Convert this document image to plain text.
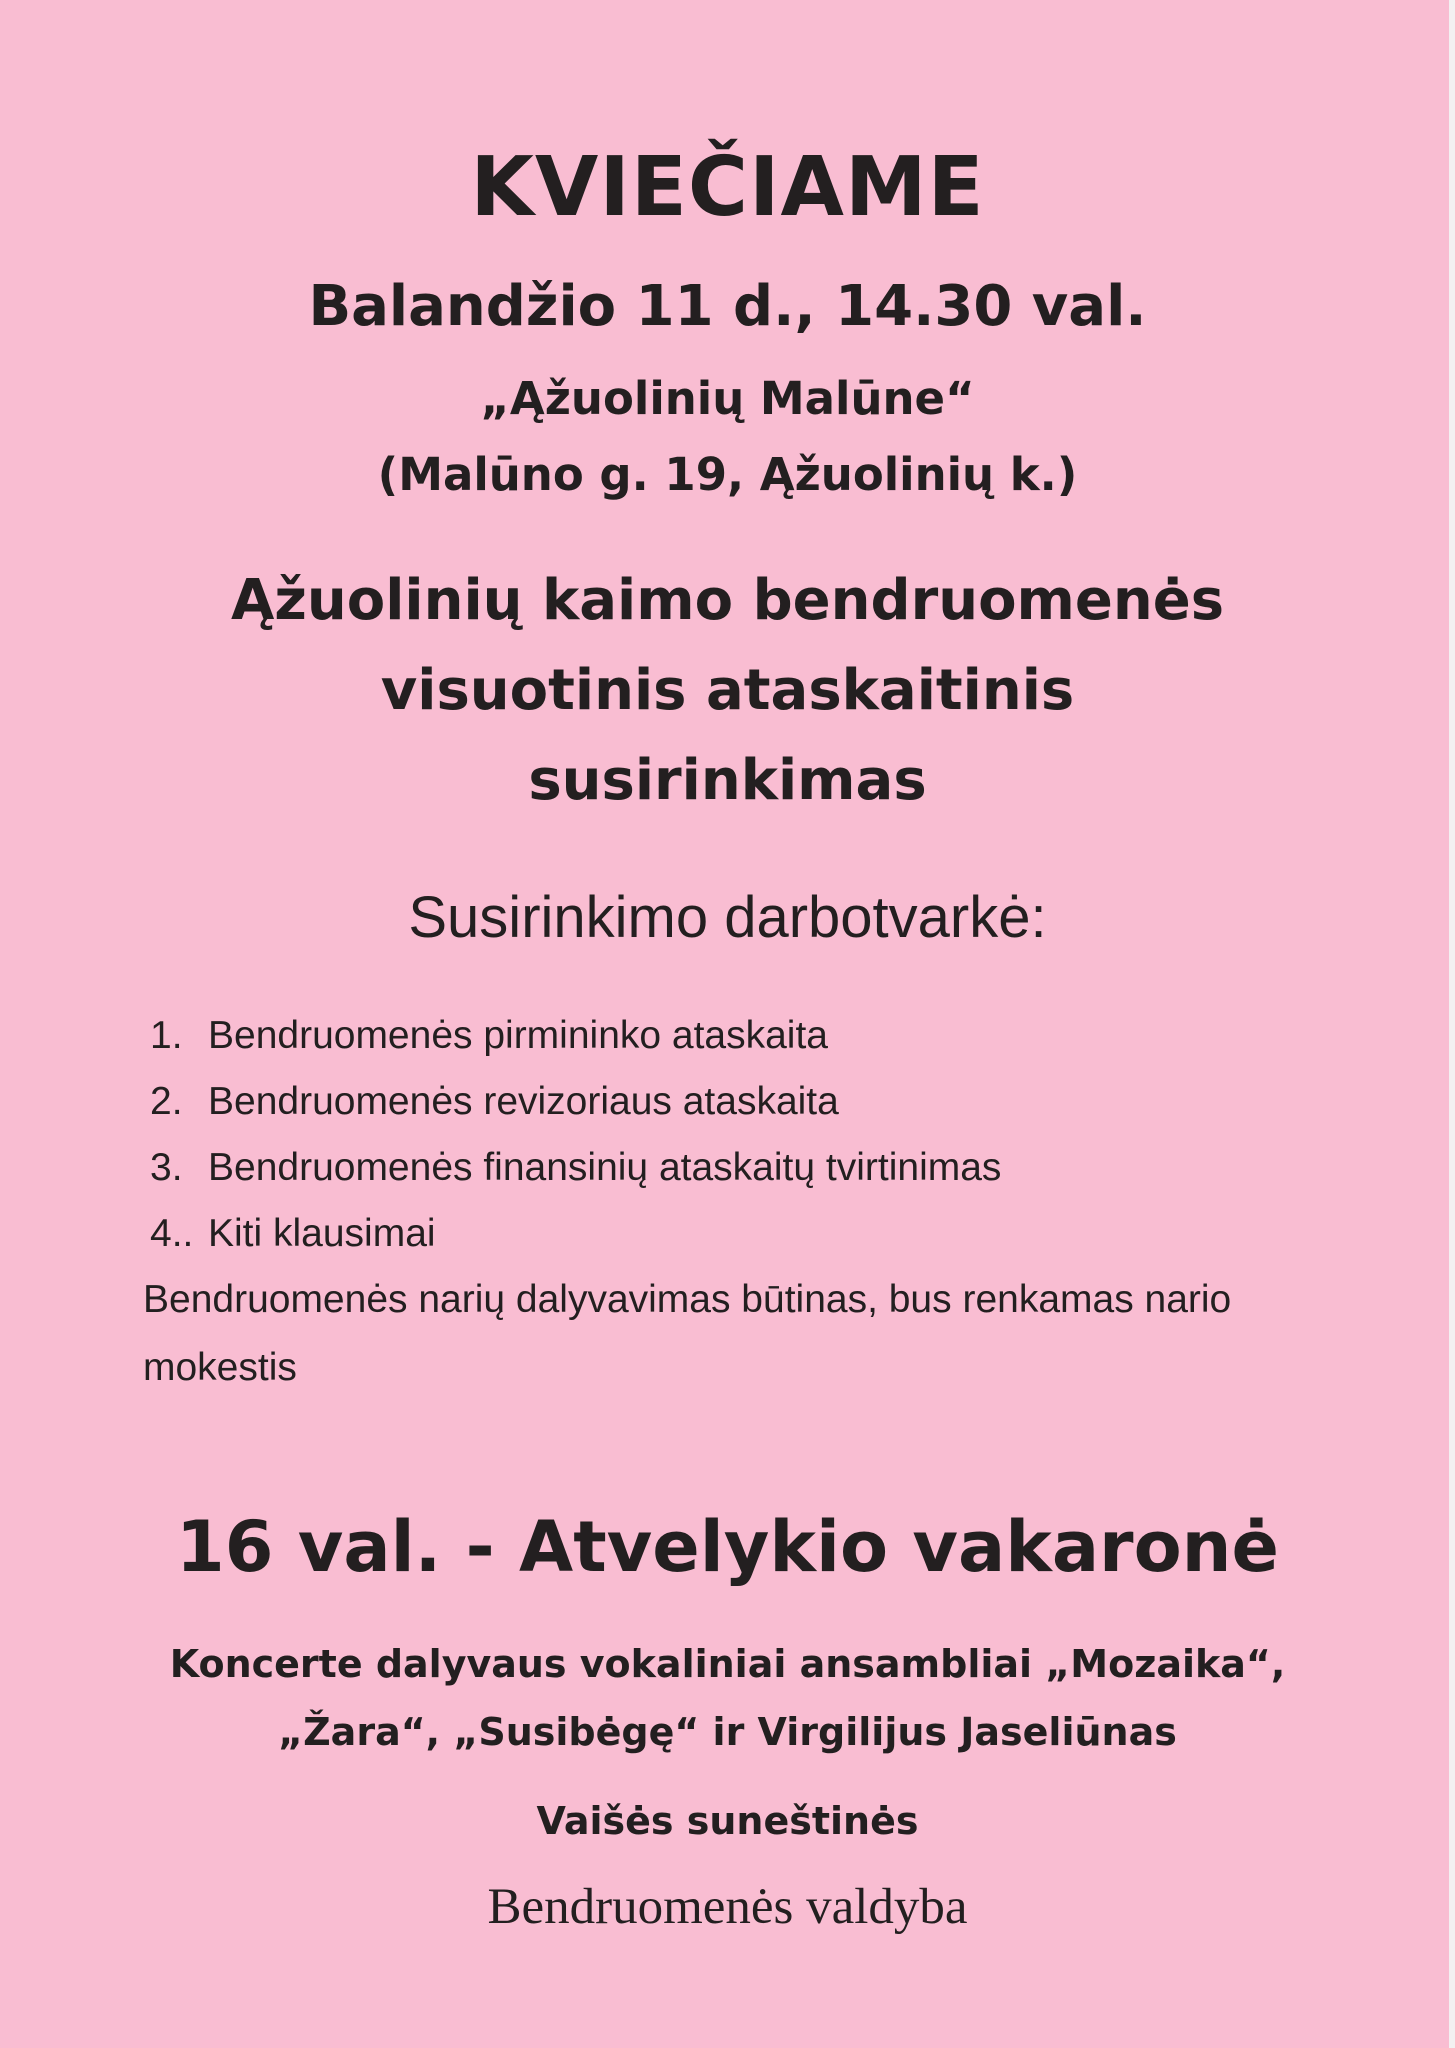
KVIEČIAME
Balandžio 11 d., 14.30 val.
„Ąžuolinių Malūne“
(Malūno g. 19, Ąžuolinių k.)
Ąžuolinių kaimo bendruomenės
visuotinis ataskaitinis
susirinkimas
Susirinkimo darbotvarkė:
1. Bendruomenės pirmininko ataskaita
2. Bendruomenės revizoriaus ataskaita
3. Bendruomenės finansinių ataskaitų tvirtinimas
4.. Kiti klausimai
Bendruomenės narių dalyvavimas būtinas, bus renkamas nario mokestis
16 val. - Atvelykio vakaronė
Koncerte dalyvaus vokaliniai ansambliai „Mozaika“,
„Žara“, „Susibėgę“ ir Virgilijus Jaseliūnas
Vaišės suneštinės
Bendruomenės valdyba
